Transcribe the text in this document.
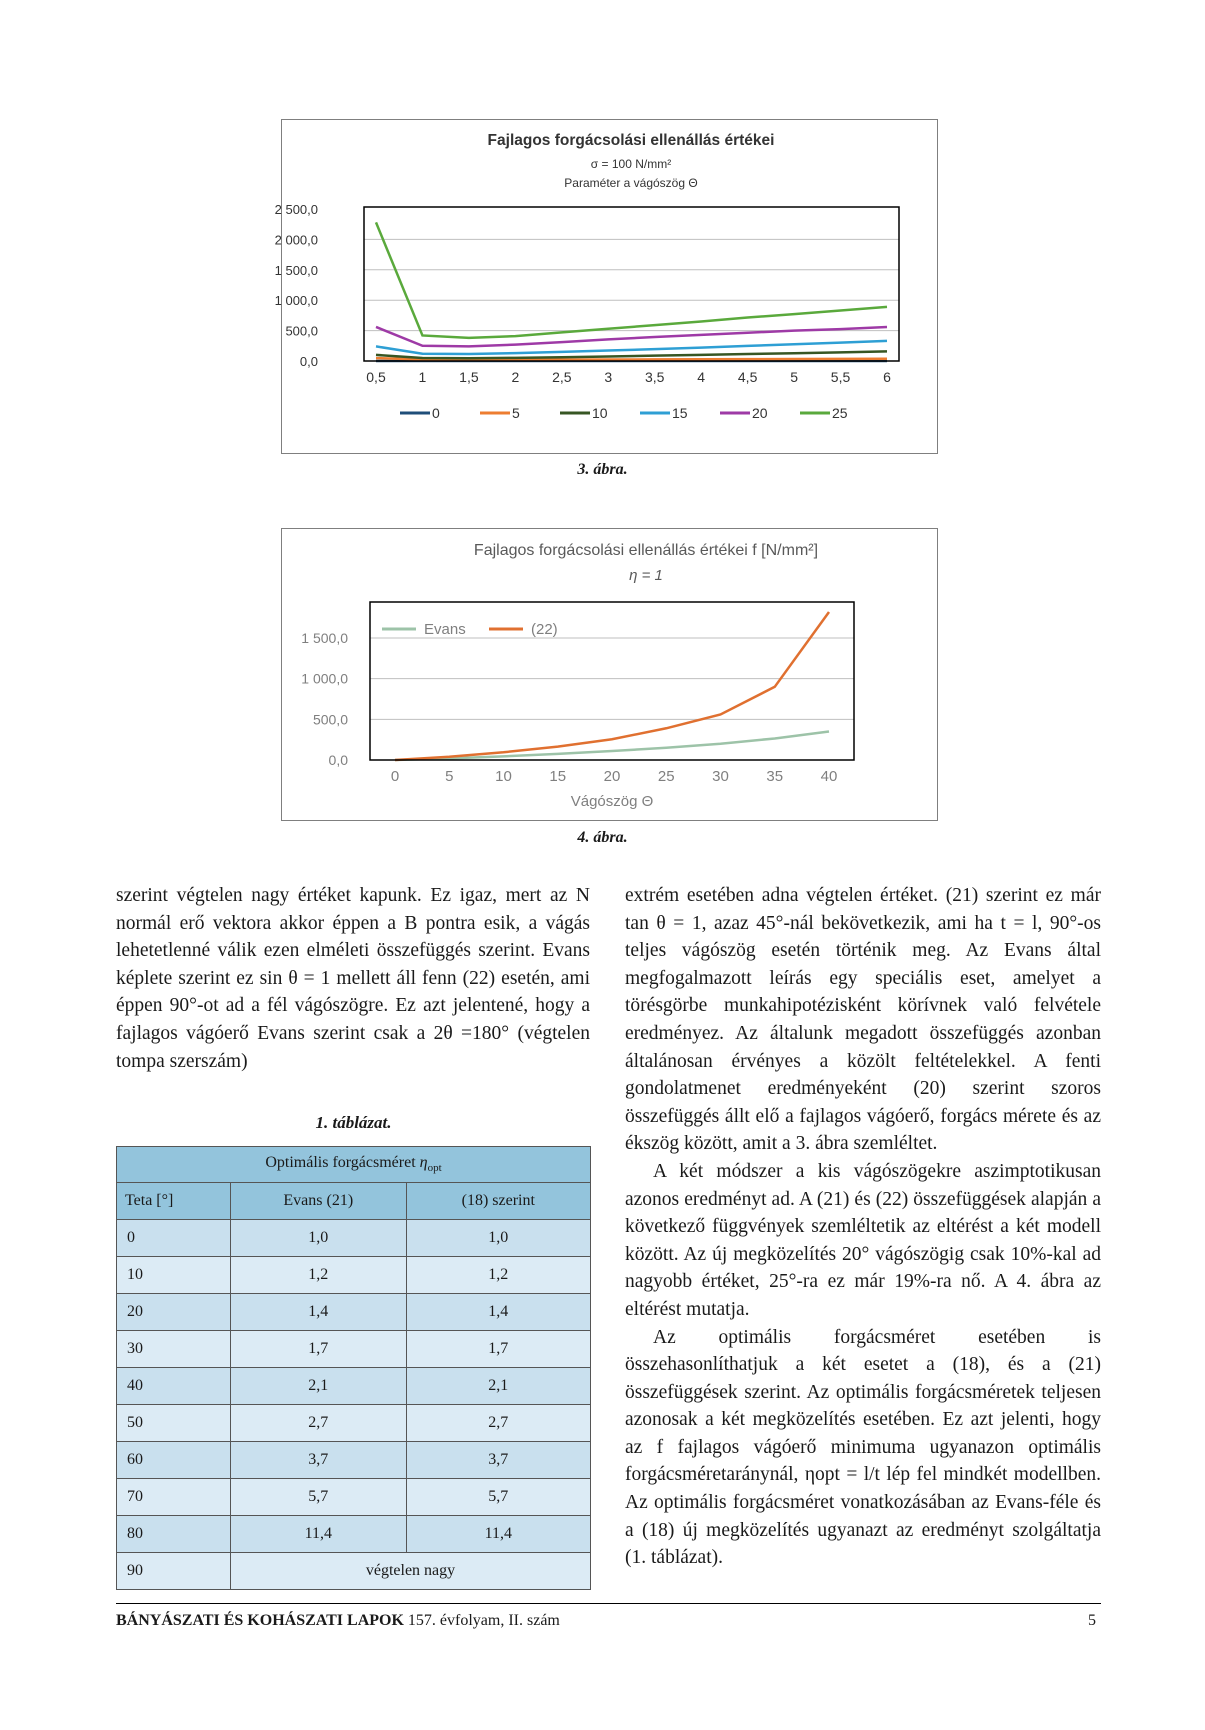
Fajlagos forgácsolási ellenállás értékei
σ = 100 N/mm²
Paraméter a vágószög Θ
2 500,0
2 000,0
1 500,0
1 000,0
500,0
0,0
0,5 1 1,5 2 2,5 3 3,5 4 4,5 5 5,5 6
0	5	10	15	20	25
3. ábra.
Fajlagos forgácsolási ellenállás értékei f [N/mm²]
η = 1
1 500,0
1 000,0
500,0
0,0
0	5	10	15	20	25	30	35	40
Evans	(22)
Vágószög Θ
4. ábra.

szerint végtelen nagy értéket kapunk. Ez igaz, mert az N normál erő vektora akkor éppen a B pontra esik, a vágás lehetetlenné válik ezen elméleti összefüggés szerint. Evans képlete szerint ez sin θ = 1 mellett áll fenn (22) esetén, ami éppen 90°-ot ad a fél vágószögre. Ez azt jelentené, hogy a fajlagos vágóerő Evans szerint csak a 2θ =180° (végtelen tompa szerszám)

1. táblázat.
Optimális forgácsméret $\eta_{opt}$
Teta [°]	Evans (21)	(18) szerint
0	1,0	1,0
10	1,2	1,2
20	1,4	1,4
30	1,7	1,7
40	2,1	2,1
50	2,7	2,7
60	3,7	3,7
70	5,7	5,7
80	11,4	11,4
90	végtelen nagy	

extrém esetében adna végtelen értéket. (21) szerint ez már tan θ = 1, azaz 45°-nál bekövetkezik, ami ha t = l, 90°-os teljes vágószög esetén történik meg. Az Evans által megfogalmazott leírás egy speciális eset, amelyet a törésgörbe munkahipotézisként körívnek való felvétele eredményez. Az általunk megadott összefüggés azonban általánosan érvényes a közölt feltételekkel. A fenti gondolatmenet eredményeként (20) szerint szoros összefüggés állt elő a fajlagos vágóerő, forgács mérete és az ékszög között, amit a 3. ábra szemléltet.

A két módszer a kis vágószögekre aszimptotikusan azonos eredményt ad. A (21) és (22) összefüggések alapján a következő függvények szemléltetik az eltérést a két modell között. Az új megközelítés 20° vágószögig csak 10%-kal ad nagyobb értéket, 25°-ra ez már 19%-ra nő. A 4. ábra az eltérést mutatja.

Az optimális forgácsméret esetében is összehasonlíthatjuk a két esetet a (18), és a (21) összefüggések szerint. Az optimális forgácsméretek teljesen azonosak a két megközelítés esetében. Ez azt jelenti, hogy az f fajlagos vágóerő minimuma ugyanazon optimális forgácsméretaránynál, ηopt = l/t lép fel mindkét modellben. Az optimális forgácsméret vonatkozásában az Evans-féle és a (18) új megközelítés ugyanazt az eredményt szolgáltatja (1. táblázat).

BÁNYÁSZATI ÉS KOHÁSZATI LAPOK 157. évfolyam, II. szám	5
